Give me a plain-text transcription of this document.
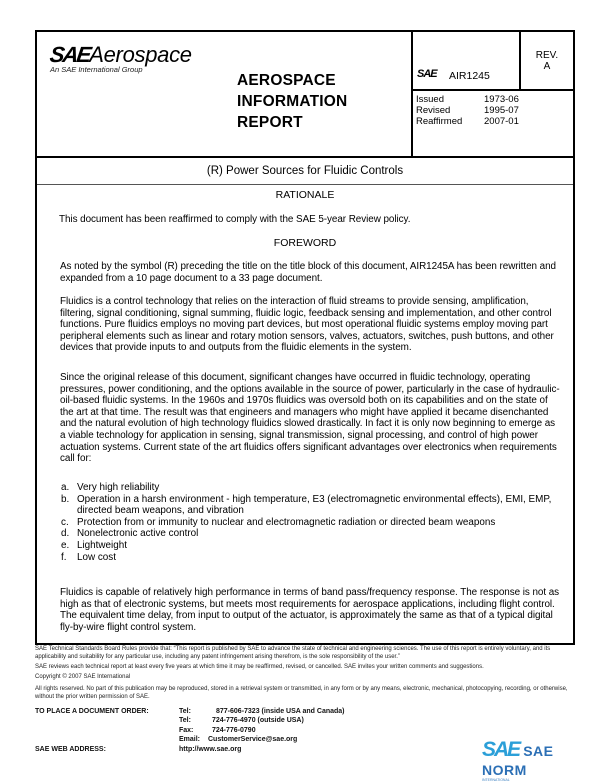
SAEAerospace
An SAE International Group
AEROSPACE
INFORMATION
REPORT
SAE AIR1245
REV.
A
Issued	1973-06
Revised	1995-07
Reaffirmed	2007-01
(R) Power Sources for Fluidic Controls
RATIONALE
This document has been reaffirmed to comply with the SAE 5-year Review policy.
FOREWORD
As noted by the symbol (R) preceding the title on the title block of this document, AIR1245A has been rewritten and expanded from a 10 page document to a 33 page document.
Fluidics is a control technology that relies on the interaction of fluid streams to provide sensing, amplification, filtering, signal conditioning, signal summing, fluidic logic, feedback sensing and implementation, and other control functions. Pure fluidics employs no moving part devices, but most operational fluidic systems employ moving part peripheral elements such as linear and rotary motion sensors, valves, actuators, switches, push buttons, and other devices that provide inputs to and outputs from the fluidic elements in the system.
Since the original release of this document, significant changes have occurred in fluidic technology, operating pressures, power conditioning, and the options available in the source of power, particularly in the case of hydraulic-oil-based fluidic systems. In the 1960s and 1970s fluidics was oversold both on its capabilities and on the state of the art at that time. The result was that engineers and managers who might have applied it became disenchanted and the natural evolution of high technology fluidics slowed drastically. In fact it is only now beginning to emerge as a viable technology for application in sensing, signal transmission, signal processing, and control of high power actuation systems. Current state of the art fluidics offers significant advantages over electronics when requirements call for:
a. Very high reliability
b. Operation in a harsh environment - high temperature, E3 (electromagnetic environmental effects), EMI, EMP, directed beam weapons, and vibration
c. Protection from or immunity to nuclear and electromagnetic radiation or directed beam weapons
d. Nonelectronic active control
e. Lightweight
f.	Low cost
Fluidics is capable of relatively high performance in terms of band pass/frequency response. The response is not as high as that of electronic systems, but meets most requirements for aerospace applications, including flight control. The equivalent time delay, from input to output of the actuator, is approximately the same as that of a typical digital fly-by-wire flight control system.
SAE Technical Standards Board Rules provide that: “This report is published by SAE to advance the state of technical and engineering sciences. The use of this report is entirely voluntary, and its applicability and suitability for any particular use, including any patent infringement arising therefrom, is the sole responsibility of the user.”
SAE reviews each technical report at least every five years at which time it may be reaffirmed, revised, or cancelled. SAE invites your written comments and suggestions.
Copyright © 2007 SAE International
All rights reserved. No part of this publication may be reproduced, stored in a retrieval system or transmitted, in any form or by any means, electronic, mechanical, photocopying, recording, or otherwise, without the prior written permission of SAE.
TO PLACE A DOCUMENT ORDER:	Tel:	877-606-7323 (inside USA and Canada)
Tel:	724-776-4970 (outside USA)
Fax:	724-776-0790
Email:	CustomerService@sae.org
SAE WEB ADDRESS:	http://www.sae.org	SAE SAE NORM
INTERNATIONAL
